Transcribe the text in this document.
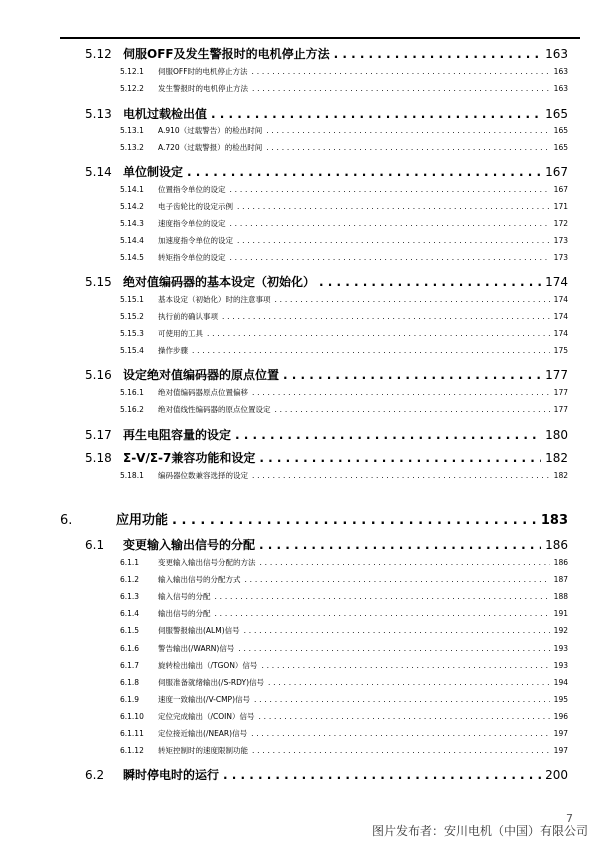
5.12 伺服OFF及发生警报时的电机停止方法 . . .	163
5.12.1	伺服OFF时的电机停止方法 . . .	163
5.12.2	发生警报时的电机停止方法 . . .	163
5.13 电机过载检出值 . . .	165
5.13.1	A.910（过载警告）的检出时间 . . .	165
5.13.2	A.720（过载警报）的检出时间 . . .	165
5.14 单位制设定 . . .	167
5.14.1	位置指令单位的设定 . . .	167
5.14.2	电子齿轮比的设定示例 . . .	171
5.14.3	速度指令单位的设定 . . .	172
5.14.4	加速度指令单位的设定 . . .	173
5.14.5	转矩指令单位的设定 . . .	173
5.15 绝对值编码器的基本设定（初始化） . . .	174
5.15.1	基本设定（初始化）时的注意事项 . . .	174
5.15.2	执行前的确认事项 . . .	174
5.15.3	可使用的工具 . . .	174
5.15.4	操作步骤 . . .	175
5.16 设定绝对值编码器的原点位置 . . .	177
5.16.1	绝对值编码器原点位置偏移 . . .	177
5.16.2	绝对值线性编码器的原点位置设定 . . .	177
5.17 再生电阻容量的设定 . . .	180
5.18 Σ-V/Σ-7兼容功能和设定 . . .	182
5.18.1	编码器位数兼容选择的设定 . . .	182
6.	应用功能 . . .	183
6.1	变更输入输出信号的分配 . . .	186
6.1.1	变更输入输出信号分配的方法 . . .	186
6.1.2	输入输出信号的分配方式 . . .	187
6.1.3	输入信号的分配 . . .	188
6.1.4	输出信号的分配 . . .	191
6.1.5	伺服警报输出(ALM)信号 . . .	192
6.1.6	警告输出(/WARN)信号 . . .	193
6.1.7	旋转检出输出（/TGON）信号 . . .	193
6.1.8	伺服准备就绪输出(/S-RDY)信号 . . .	194
6.1.9	速度一致输出(/V-CMP)信号 . . .	195
6.1.10	定位完成输出（/COIN）信号 . . .	196
6.1.11	定位接近输出(/NEAR)信号 . . .	197
6.1.12	转矩控制时的速度限制功能 . . .	197
6.2	瞬时停电时的运行 . . .	200
7
图片发布者：安川电机（中国）有限公司
